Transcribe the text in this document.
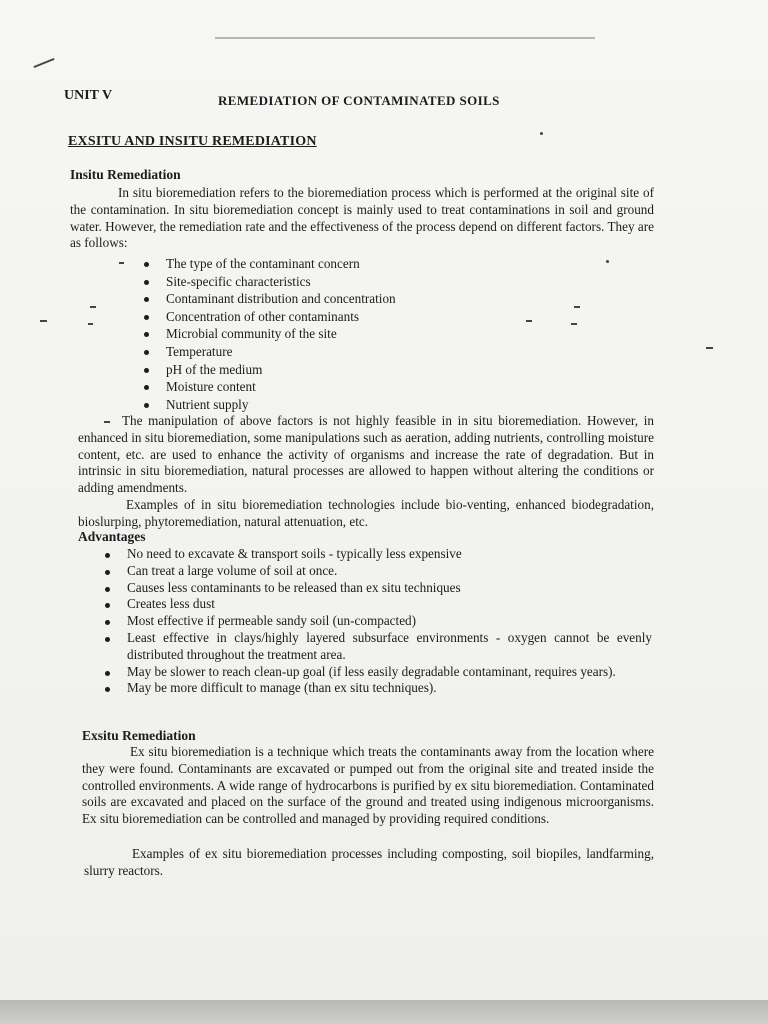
UNIT V	REMEDIATION OF CONTAMINATED SOILS
EXSITU AND INSITU REMEDIATION
Insitu Remediation

In situ bioremediation refers to the bioremediation process which is performed at the original site of the contamination. In situ bioremediation concept is mainly used to treat contaminations in soil and ground water. However, the remediation rate and the effectiveness of the process depend on different factors. They are as follows:

The type of the contaminant concern
Site-specific characteristics
Contaminant distribution and concentration
Concentration of other contaminants
Microbial community of the site
Temperature
pH of the medium
Moisture content
Nutrient supply

The manipulation of above factors is not highly feasible in in situ bioremediation. However, in enhanced in situ bioremediation, some manipulations such as aeration, adding nutrients, controlling moisture content, etc. are used to enhance the activity of organisms and increase the rate of degradation. But in intrinsic in situ bioremediation, natural processes are allowed to happen without altering the conditions or adding amendments.

Examples of in situ bioremediation technologies include bio-venting, enhanced biodegradation, bioslurping, phytoremediation, natural attenuation, etc.

Advantages
No need to excavate & transport soils - typically less expensive
Can treat a large volume of soil at once.
Causes less contaminants to be released than ex situ techniques
Creates less dust
Most effective if permeable sandy soil (un-compacted)
Least effective in clays/highly layered subsurface environments - oxygen cannot be evenly distributed throughout the treatment area.
May be slower to reach clean-up goal (if less easily degradable contaminant, requires years).
May be more difficult to manage (than ex situ techniques).
Exsitu Remediation

Ex situ bioremediation is a technique which treats the contaminants away from the location where they were found. Contaminants are excavated or pumped out from the original site and treated inside the controlled environments. A wide range of hydrocarbons is purified by ex situ bioremediation. Contaminated soils are excavated and placed on the surface of the ground and treated using indigenous microorganisms. Ex situ bioremediation can be controlled and managed by providing required conditions.

Examples of ex situ bioremediation processes including composting, soil biopiles, landfarming, slurry reactors.
